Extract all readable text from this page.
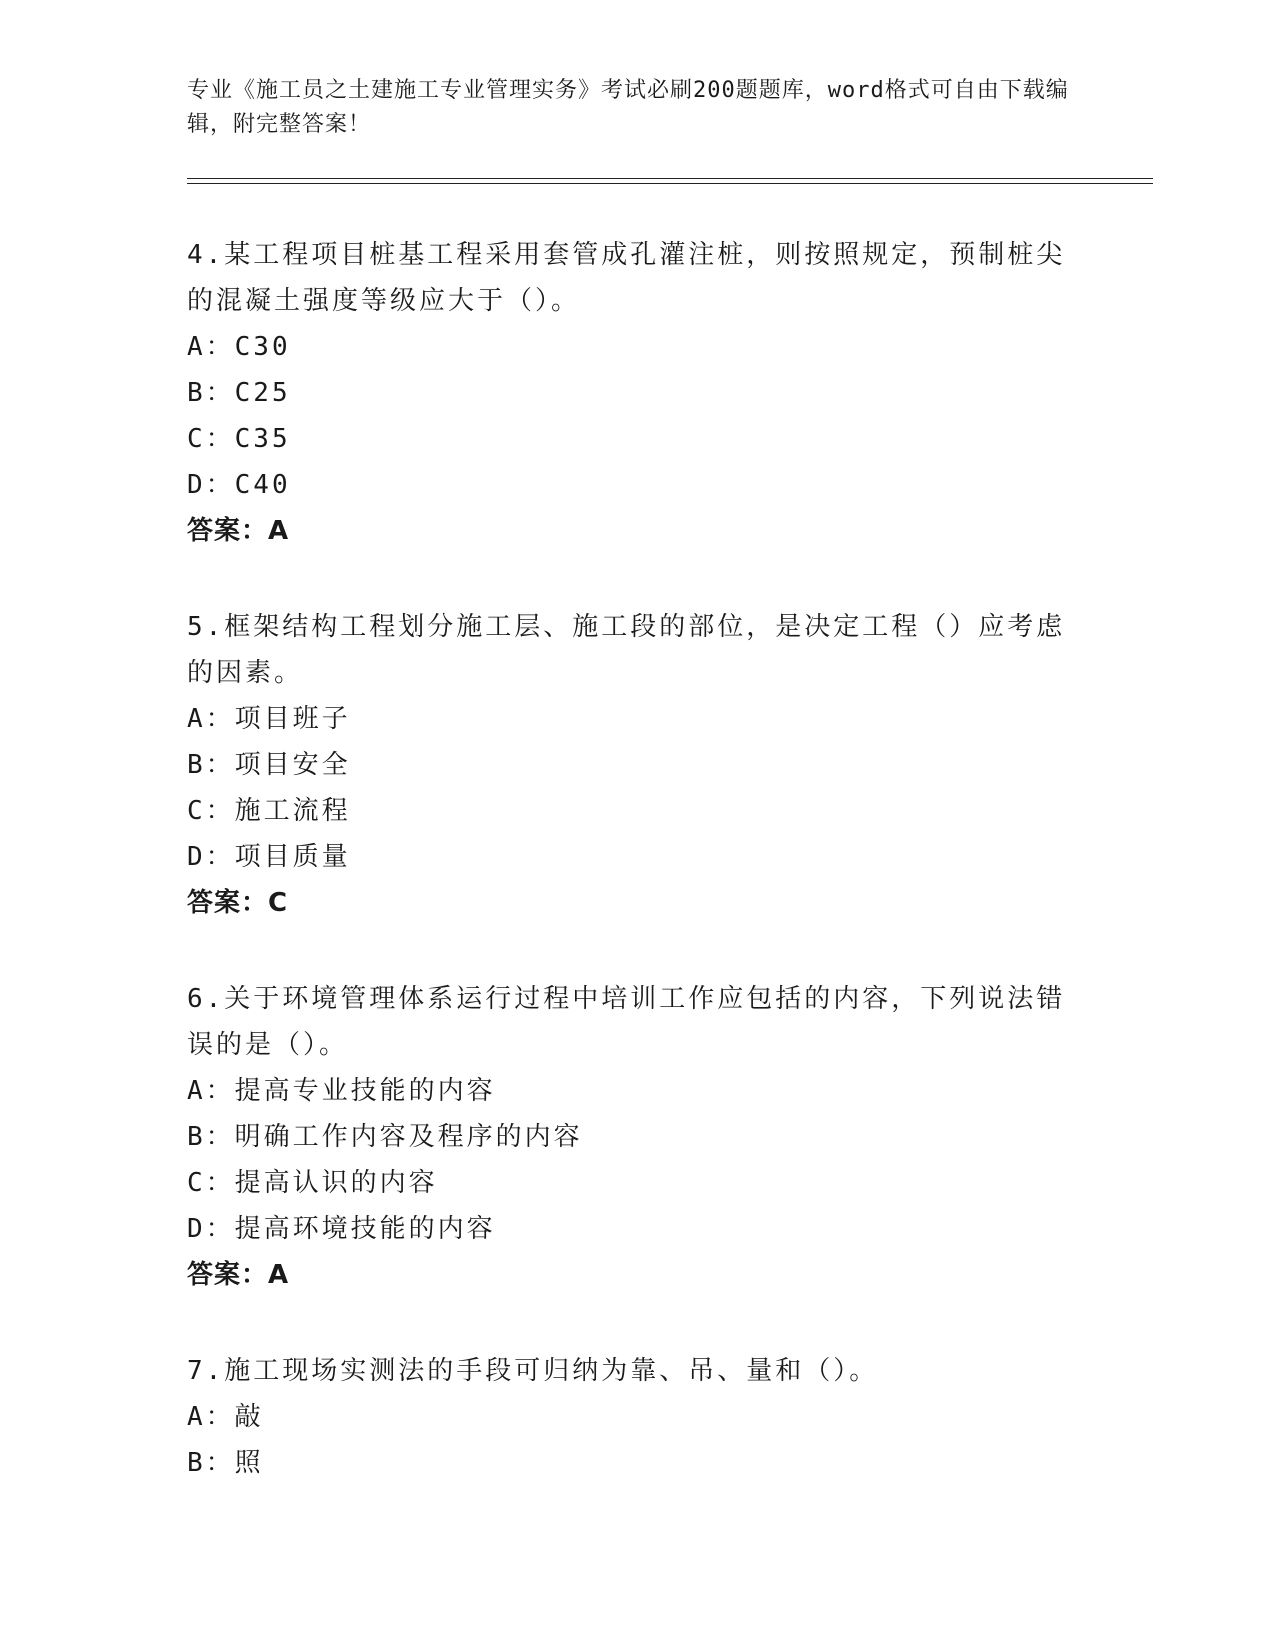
专业《施工员之土建施工专业管理实务》考试必刷200题题库，word格式可自由下载编辑，附完整答案！

4.某工程项目桩基工程采用套管成孔灌注桩，则按照规定，预制桩尖的混凝土强度等级应大于（）。

A：C30

B：C25

C：C35

D：C40

答案：A

5.框架结构工程划分施工层、施工段的部位，是决定工程（）应考虑的因素。

A：项目班子

B：项目安全

C：施工流程

D：项目质量

答案：C

6.关于环境管理体系运行过程中培训工作应包括的内容，下列说法错误的是（）。

A：提高专业技能的内容

B：明确工作内容及程序的内容

C：提高认识的内容

D：提高环境技能的内容

答案：A

7.施工现场实测法的手段可归纳为靠、吊、量和（）。

A：敲

B：照
